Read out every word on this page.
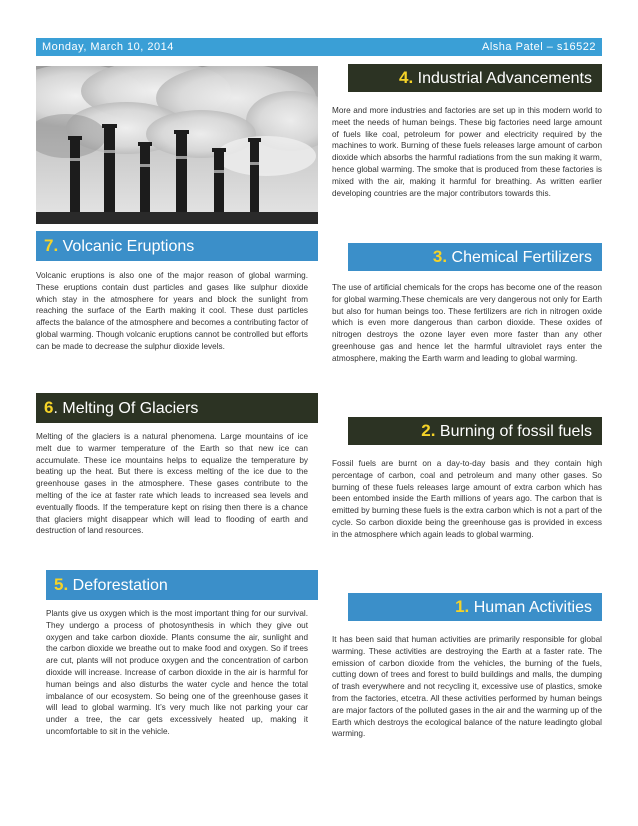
Monday, March 10, 2014	Alsha Patel – s16522
4. Industrial Advancements

More and more industries and factories are set up in this modern world to meet the needs of human beings. These big factories need large amount of fuels like coal, petroleum for power and electricity required by the machines to work. Burning of these fuels releases large amount of carbon dioxide which absorbs the harmful radiations from the sun making it warm, hence global warming. The smoke that is produced from these factories is mixed with the air, making it harmful for breathing. As written earlier developing countries are the major contributors towards this.

7. Volcanic Eruptions

Volcanic eruptions is also one of the major reason of global warming. These eruptions contain dust particles and gases like sulphur dioxide which stay in the atmosphere for years and block the sunlight from reaching the surface of the Earth making it cool. These dust particles affects the balance of the atmosphere and becomes a contributing factor of global warming. Though volcanic eruptions cannot be controlled but efforts can be made to decrease the sulphur dioxide levels.

3. Chemical Fertilizers

The use of artificial chemicals for the crops has become one of the reason for global warming.These chemicals are very dangerous not only for Earth but also for human beings too. These fertilizers are rich in nitrogen oxide which is even more dangerous than carbon dioxide. These oxides of nitrogen destroys the ozone layer even more faster than any other greenhouse gas and hence let the harmful ultraviolet rays enter the atmosphere, making the Earth warm and leading to global warming.

6. Melting Of Glaciers

Melting of the glaciers is a natural phenomena. Large mountains of ice melt due to warmer temperature of the Earth so that new ice can accumulate. These ice mountains helps to equalize the temperature by beating up the heat. But there is excess melting of the ice due to the greenhouse gases in the atmosphere. These gases contribute to the melting of the ice at faster rate which leads to increased sea levels and eventually floods. If the temperature kept on rising then there is a chance that glaciers might disappear which will lead to flooding of earth and destruction of land resources.

2. Burning of fossil fuels

Fossil fuels are burnt on a day-to-day basis and they contain high percentage of carbon, coal and petroleum and many other gases. So burning of these fuels releases large amount of extra carbon which has been entombed inside the Earth millions of years ago. The carbon that is emitted by burning these fuels is the extra carbon which is not a part of the cycle. So carbon dioxide being the greenhouse gas is provided in excess in the atmosphere which again leads to global warming.

5. Deforestation

Plants give us oxygen which is the most important thing for our survival. They undergo a process of photosynthesis in which they give out oxygen and take carbon dioxide. Plants consume the air, sunlight and the carbon dioxide we breathe out to make food and oxygen. So if trees are cut, plants will not produce oxygen and the concentration of carbon dioxide will increase. Increase of carbon dioxide in the air is harmful for human beings and also disturbs the water cycle and hence the total imbalance of our ecosystem. So being one of the greenhouse gases it will lead to global warming. It’s very much like not parking your car under a tree, the car gets excessively heated up, making it uncomfortable to sit in the vehicle.

1. Human Activities

It has been said that human activities are primarily responsible for global warming. These activities are destroying the Earth at a faster rate. The emission of carbon dioxide from the vehicles, the burning of the fuels, cutting down of trees and forest to build buildings and malls, the dumping of trash everywhere and not recycling it, excessive use of plastics, smoke from the factories, etcetra. All these activities performed by human beings are major factors of the polluted gases in the air and the warming up of the Earth which destroys the ecological balance of the nature leadingto global warming.
